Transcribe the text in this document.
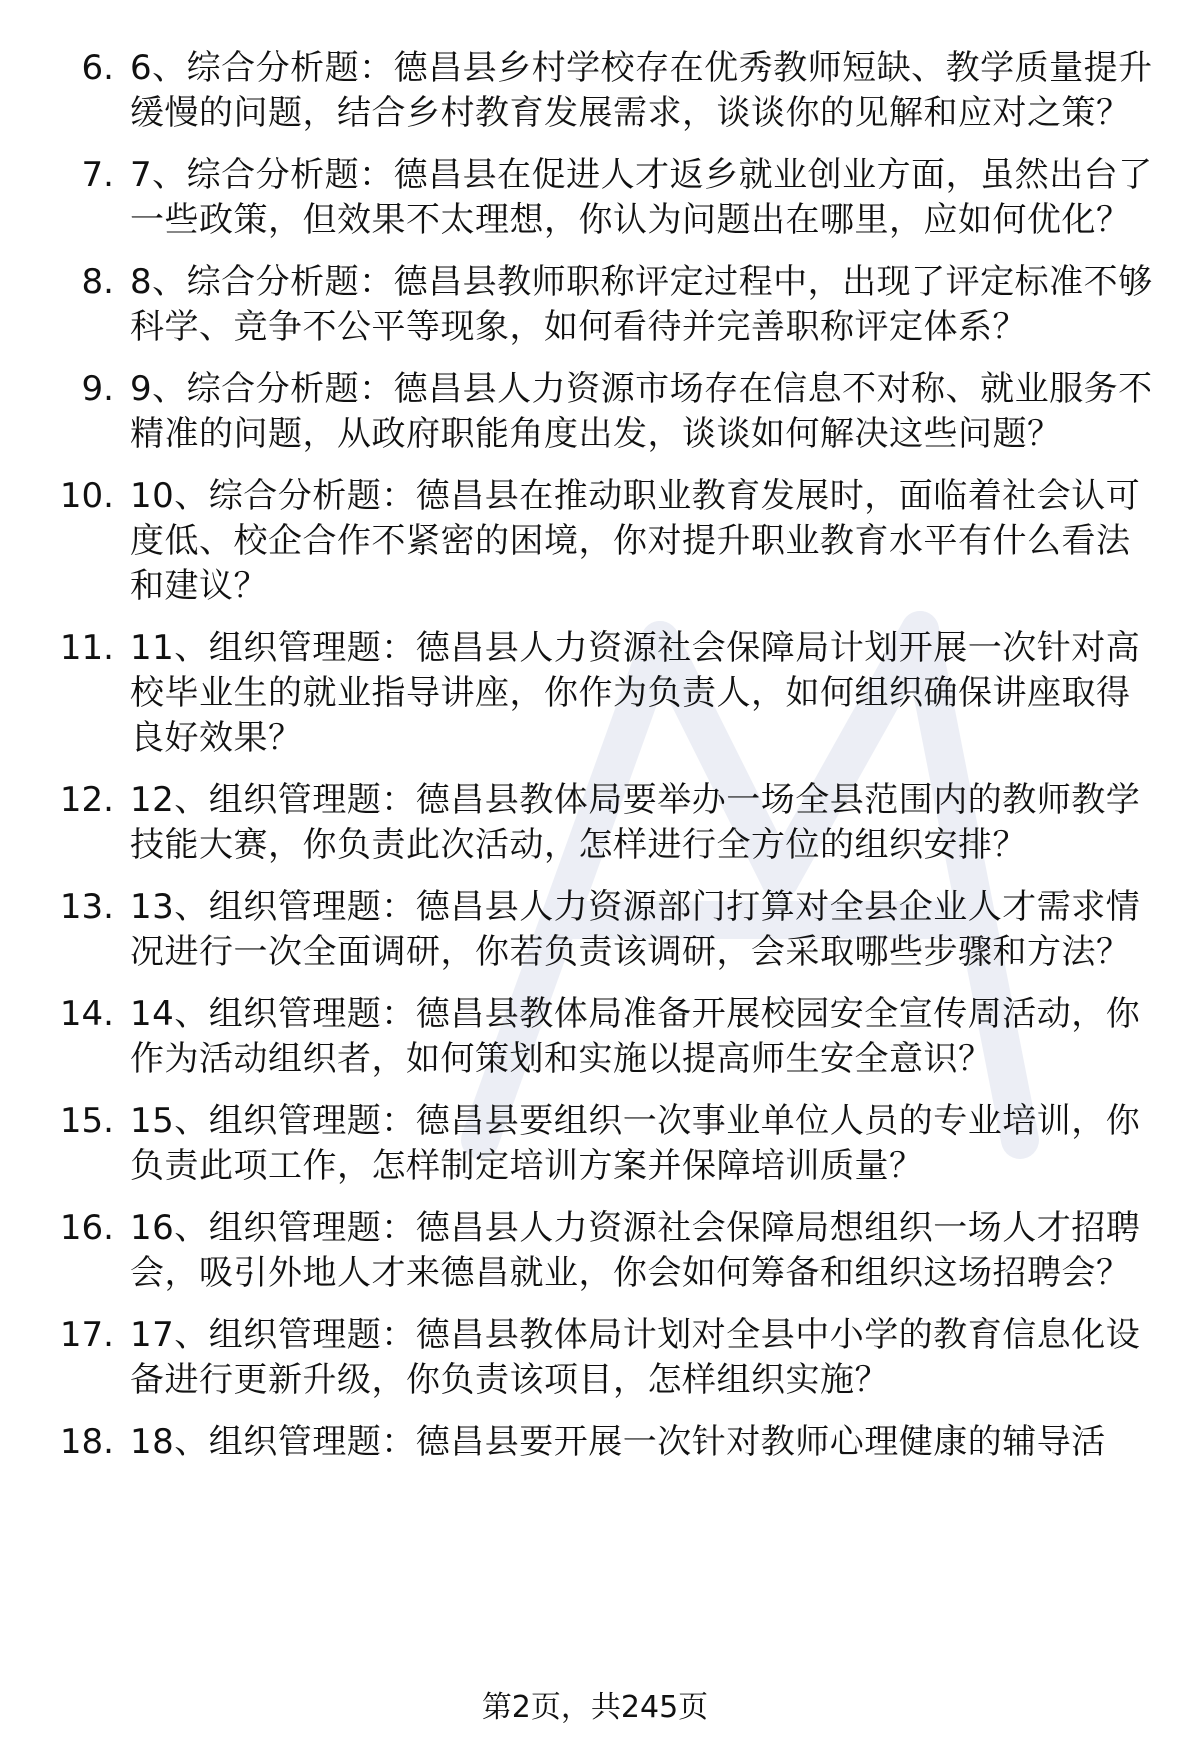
6. 6、综合分析题：德昌县乡村学校存在优秀教师短缺、教学质量提升缓慢的问题，结合乡村教育发展需求，谈谈你的见解和应对之策？
7. 7、综合分析题：德昌县在促进人才返乡就业创业方面，虽然出台了一些政策，但效果不太理想，你认为问题出在哪里，应如何优化？
8. 8、综合分析题：德昌县教师职称评定过程中，出现了评定标准不够科学、竞争不公平等现象，如何看待并完善职称评定体系？
9. 9、综合分析题：德昌县人力资源市场存在信息不对称、就业服务不精准的问题，从政府职能角度出发，谈谈如何解决这些问题？
10. 10、综合分析题：德昌县在推动职业教育发展时，面临着社会认可度低、校企合作不紧密的困境，你对提升职业教育水平有什么看法和建议？
11. 11、组织管理题：德昌县人力资源社会保障局计划开展一次针对高校毕业生的就业指导讲座，你作为负责人，如何组织确保讲座取得良好效果？
12. 12、组织管理题：德昌县教体局要举办一场全县范围内的教师教学技能大赛，你负责此次活动，怎样进行全方位的组织安排？
13. 13、组织管理题：德昌县人力资源部门打算对全县企业人才需求情况进行一次全面调研，你若负责该调研，会采取哪些步骤和方法？
14. 14、组织管理题：德昌县教体局准备开展校园安全宣传周活动，你作为活动组织者，如何策划和实施以提高师生安全意识？
15. 15、组织管理题：德昌县要组织一次事业单位人员的专业培训，你负责此项工作，怎样制定培训方案并保障培训质量？
16. 16、组织管理题：德昌县人力资源社会保障局想组织一场人才招聘会，吸引外地人才来德昌就业，你会如何筹备和组织这场招聘会？
17. 17、组织管理题：德昌县教体局计划对全县中小学的教育信息化设备进行更新升级，你负责该项目，怎样组织实施？
18. 18、组织管理题：德昌县要开展一次针对教师心理健康的辅导活
第2页，共245页
